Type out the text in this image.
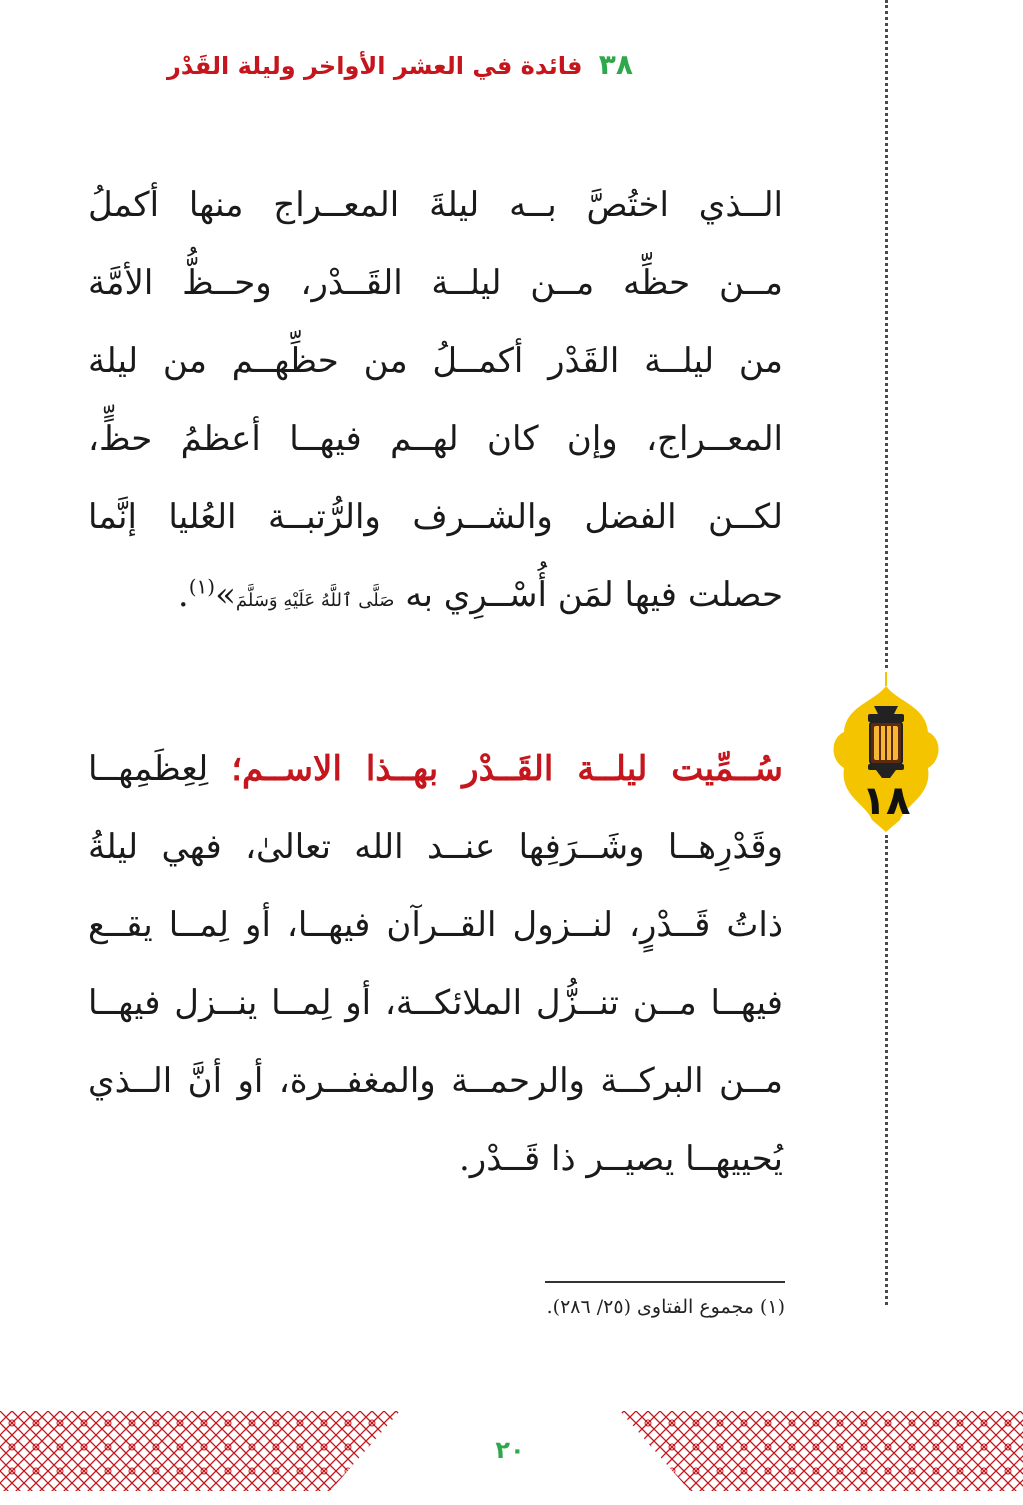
٣٨ فائدة في العشر الأواخر وليلة القَدْر
١٨
الــذي اختُصَّ بــه ليلةَ المعــراج منها أكملُ
مــن حظِّه مــن ليلــة القَــدْر، وحــظُّ الأمَّة
من ليلــة القَدْر أكمــلُ من حظِّهــم من ليلة
المعــراج، وإن كان لهــم فيهــا أعظمُ حظٍّ،
لكــن الفضل والشــرف والرُّتبــة العُليا إنَّما
حصلت فيها لمَن أُسْــرِي به صَلَّى ٱللَّهُ عَلَيْهِ وَسَلَّمَ»$^{(١)}$.
سُــمِّيت ليلــة القَــدْر بهــذا الاســم؛ لِعِظَمِهــا
وقَدْرِهــا وشَــرَفِها عنــد الله تعالىٰ، فهي ليلةُ
ذاتُ قَــدْرٍ، لنــزول القــرآن فيهــا، أو لِمــا يقــع
فيهــا مــن تنــزُّل الملائكــة، أو لِمــا ينــزل فيهــا
مــن البركــة والرحمــة والمغفــرة، أو أنَّ الــذي
يُحييهــا يصيــر ذا قَــدْر.
(١) مجموع الفتاوى (٢٥/ ٢٨٦).
٢٠
